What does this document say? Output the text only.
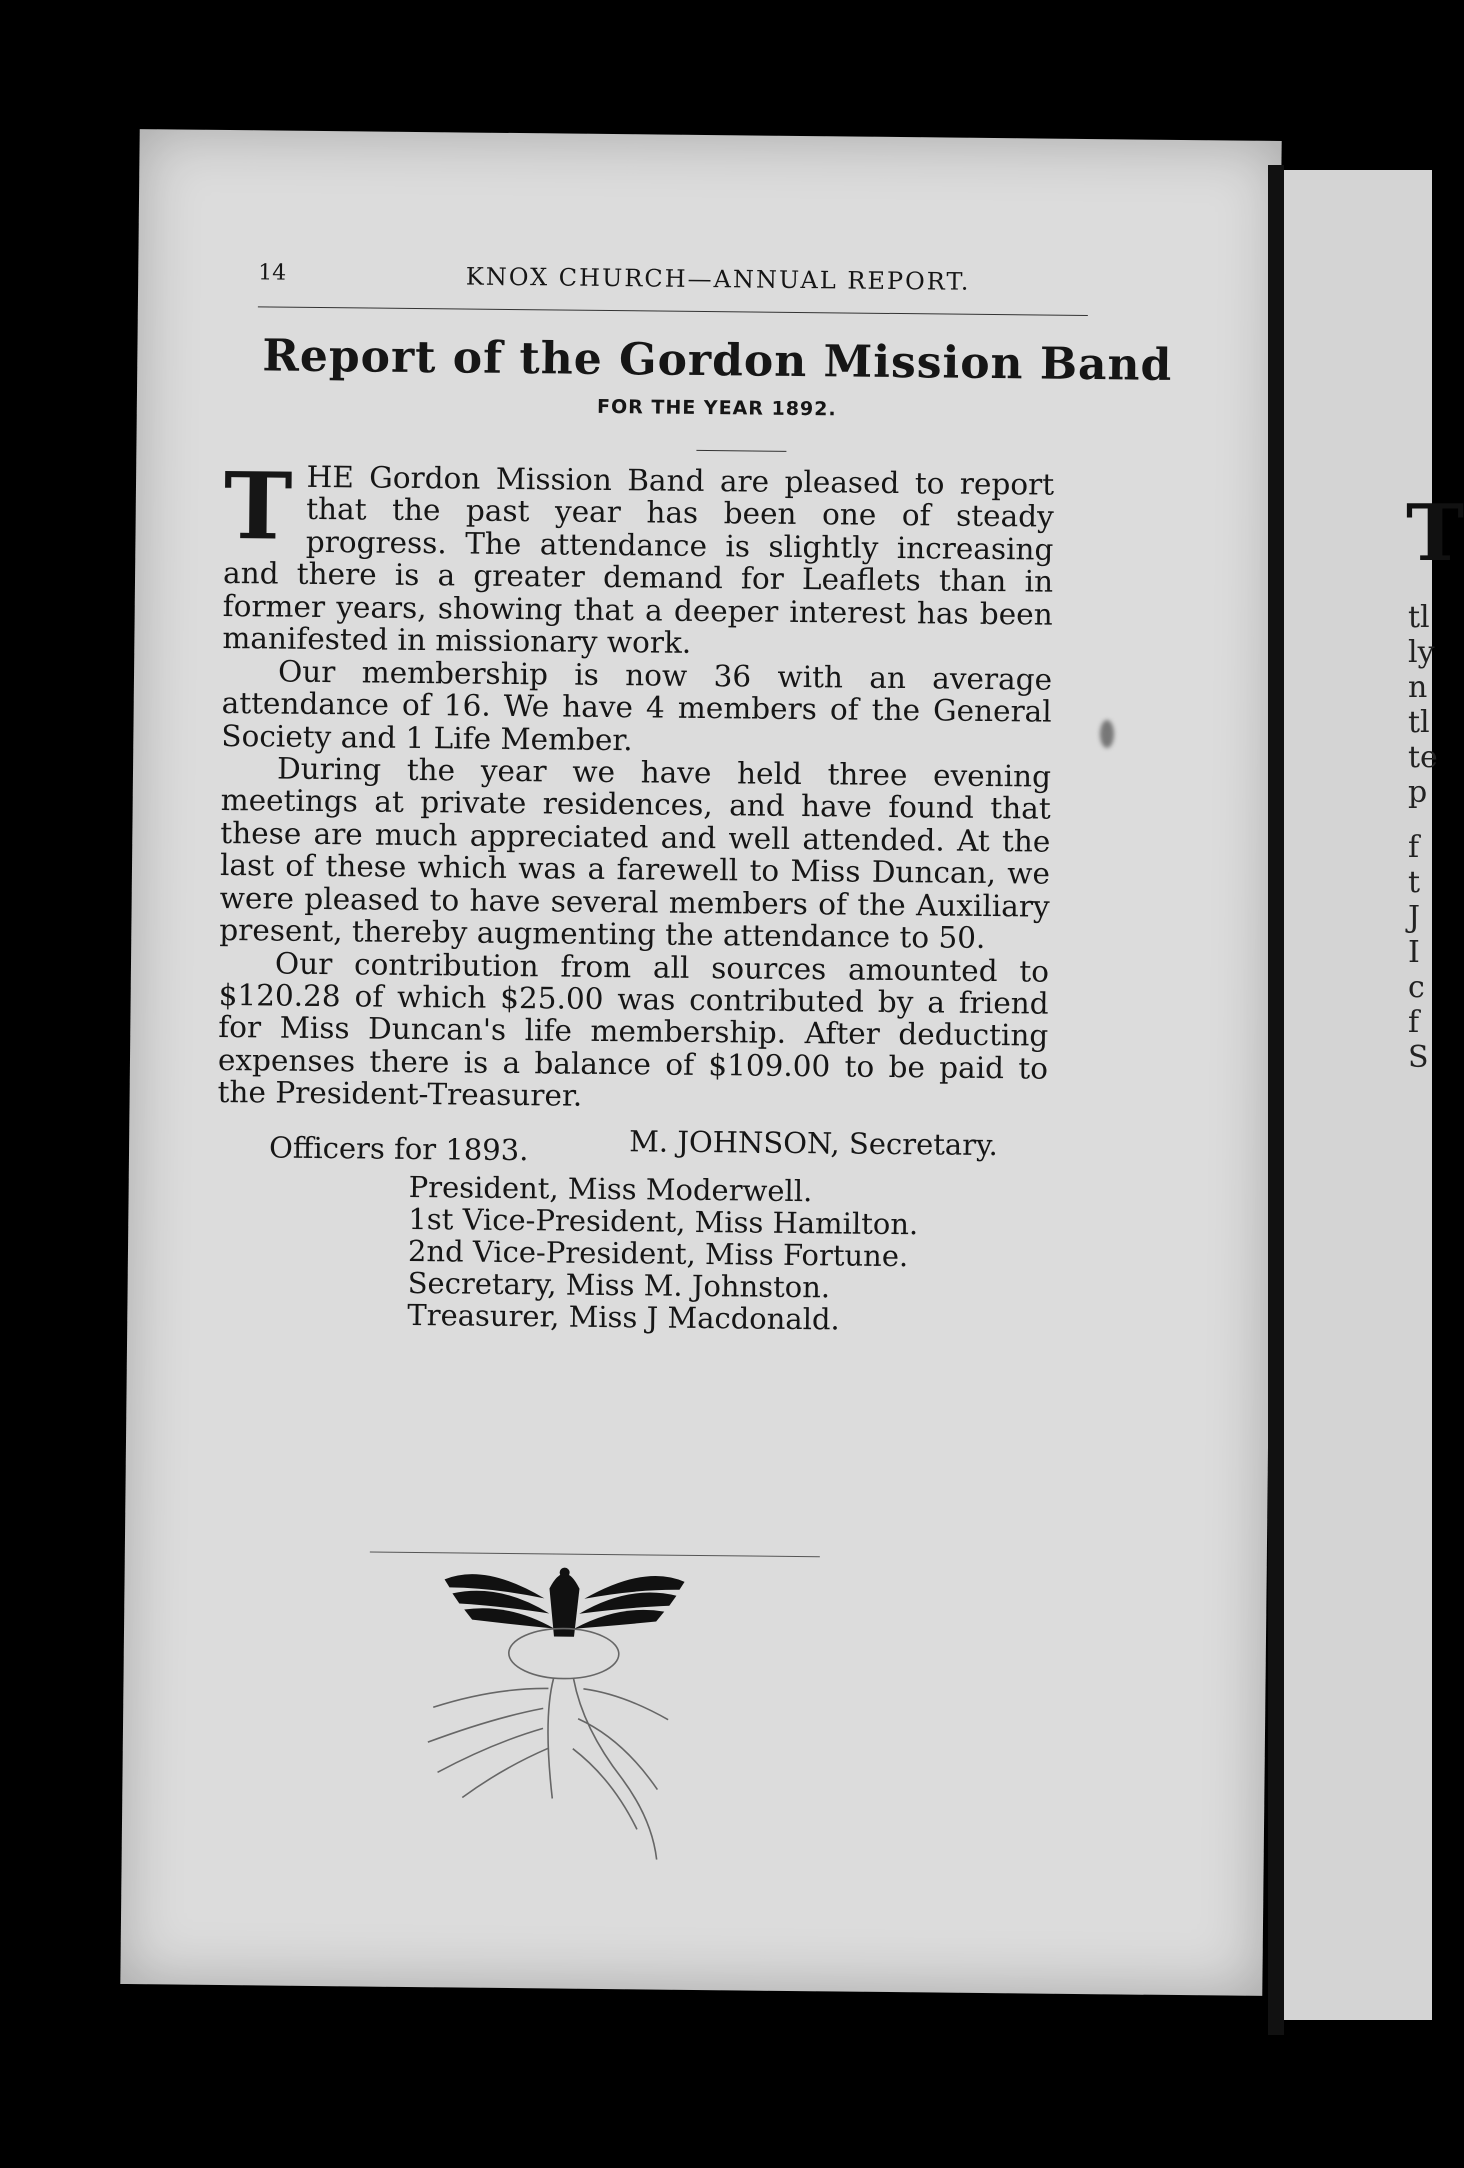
14	KNOX CHURCH—ANNUAL REPORT.
Report of the Gordon Mission Band
FOR THE YEAR 1892.

THE Gordon Mission Band are pleased to report that the past year has been one of steady progress. The attendance is slightly increasing and there is a greater demand for Leaflets than in former years, showing that a deeper interest has been manifested in missionary work.

Our membership is now 36 with an average attendance of 16. We have 4 members of the General Society and 1 Life Member.

During the year we have held three evening meetings at private residences, and have found that these are much appreciated and well attended. At the last of these which was a farewell to Miss Duncan, we were pleased to have several members of the Auxiliary present, thereby augmenting the attendance to 50.

Our contribution from all sources amounted to $120.28 of which $25.00 was contributed by a friend for Miss Duncan's life membership. After deducting expenses there is a balance of $109.00 to be paid to the President-Treasurer.

Officers for 1893.	M. JOHNSON, Secretary.
President, Miss Moderwell.
1st Vice-President, Miss Hamilton.
2nd Vice-President, Miss Fortune.
Secretary, Miss M. Johnston.
Treasurer, Miss J Macdonald.
T
tl
ly
n
tl
te
p
f
t
J
I
c
f
S
